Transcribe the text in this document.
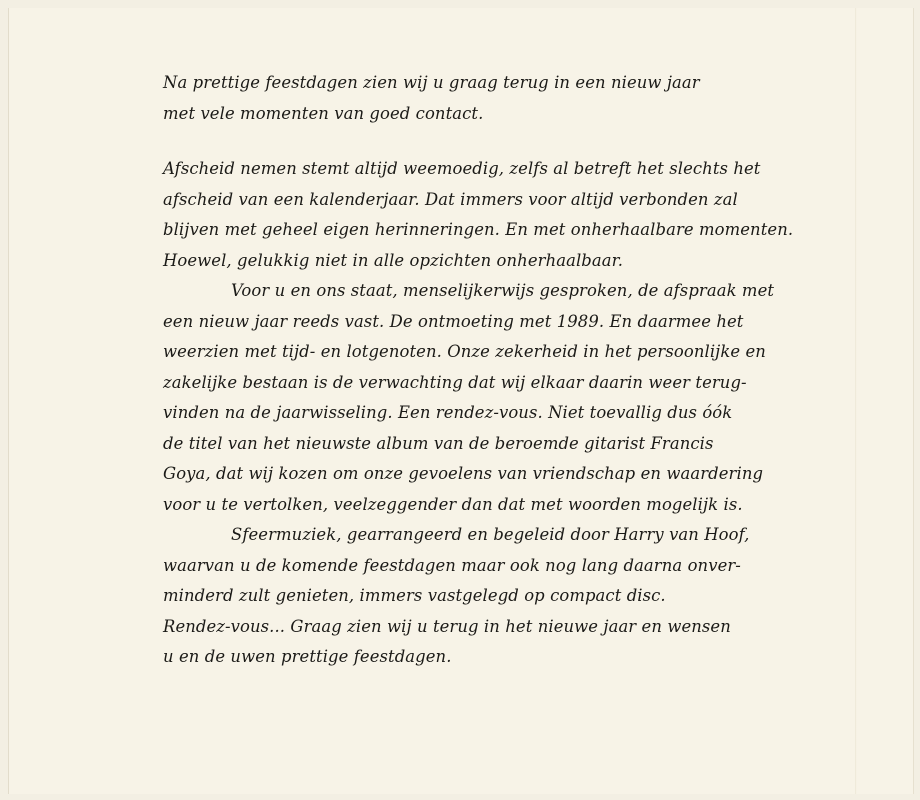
Na prettige feestdagen zien wij u graag terug in een nieuw jaar
met vele momenten van goed contact.
Afscheid nemen stemt altijd weemoedig, zelfs al betreft het slechts het
afscheid van een kalenderjaar. Dat immers voor altijd verbonden zal
blijven met geheel eigen herinneringen. En met onherhaalbare momenten.
Hoewel, gelukkig niet in alle opzichten onherhaalbaar.
Voor u en ons staat, menselijkerwijs gesproken, de afspraak met
een nieuw jaar reeds vast. De ontmoeting met 1989. En daarmee het
weerzien met tijd- en lotgenoten. Onze zekerheid in het persoonlijke en
zakelijke bestaan is de verwachting dat wij elkaar daarin weer terug-
vinden na de jaarwisseling. Een rendez-vous. Niet toevallig dus óók
de titel van het nieuwste album van de beroemde gitarist Francis
Goya, dat wij kozen om onze gevoelens van vriendschap en waardering
voor u te vertolken, veelzeggender dan dat met woorden mogelijk is.
Sfeermuziek, gearrangeerd en begeleid door Harry van Hoof,
waarvan u de komende feestdagen maar ook nog lang daarna onver-
minderd zult genieten, immers vastgelegd op compact disc.
Rendez-vous... Graag zien wij u terug in het nieuwe jaar en wensen
u en de uwen prettige feestdagen.
